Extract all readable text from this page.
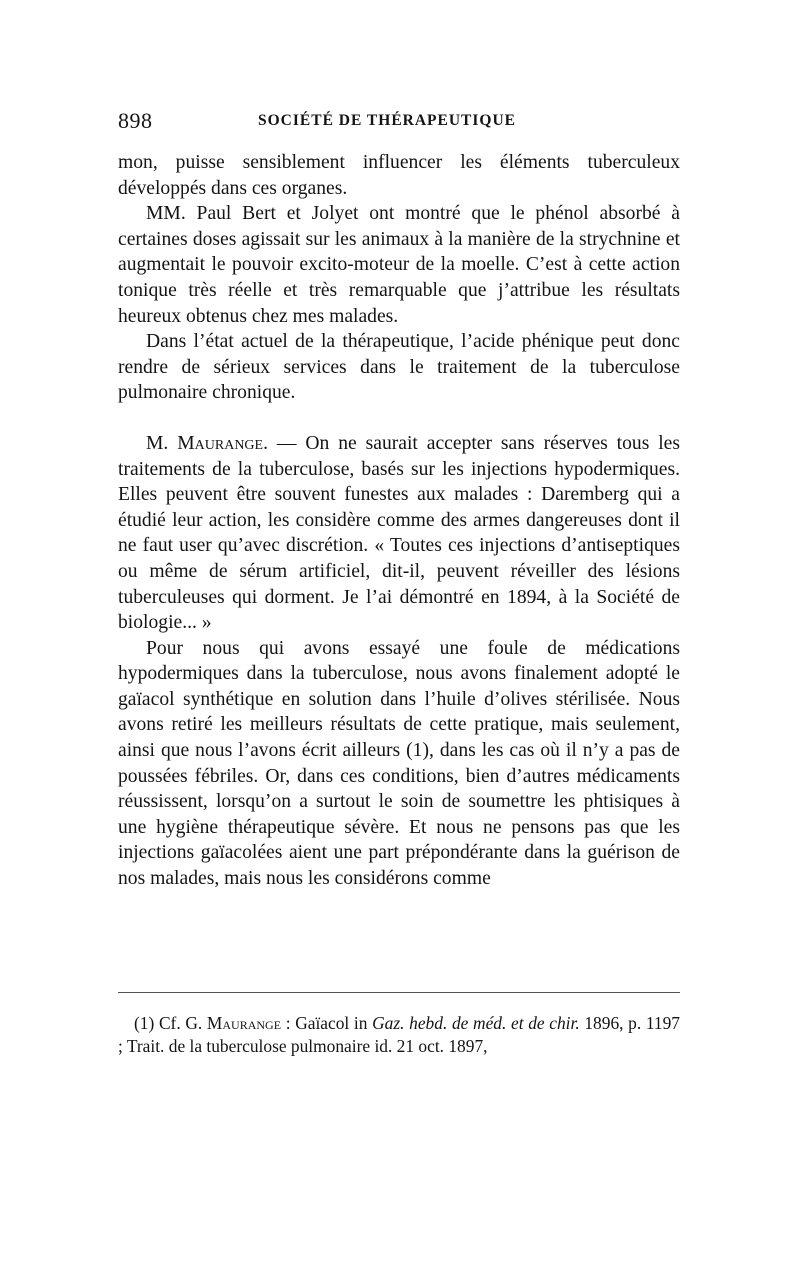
898	SOCIÉTÉ DE THÉRAPEUTIQUE

mon, puisse sensiblement influencer les éléments tuberculeux développés dans ces organes.

MM. Paul Bert et Jolyet ont montré que le phénol absorbé à certaines doses agissait sur les animaux à la manière de la strychnine et augmentait le pouvoir excito-moteur de la moelle. C’est à cette action tonique très réelle et très remarquable que j’attribue les résultats heureux obtenus chez mes malades.

Dans l’état actuel de la thérapeutique, l’acide phénique peut donc rendre de sérieux services dans le traitement de la tuberculose pulmonaire chronique.

M. Maurange. — On ne saurait accepter sans réserves tous les traitements de la tuberculose, basés sur les injections hypodermiques. Elles peuvent être souvent funestes aux malades : Daremberg qui a étudié leur action, les considère comme des armes dangereuses dont il ne faut user qu’avec discrétion. « Toutes ces injections d’antiseptiques ou même de sérum artificiel, dit-il, peuvent réveiller des lésions tuberculeuses qui dorment. Je l’ai démontré en 1894, à la Société de biologie... »

Pour nous qui avons essayé une foule de médications hypodermiques dans la tuberculose, nous avons finalement adopté le gaïacol synthétique en solution dans l’huile d’olives stérilisée. Nous avons retiré les meilleurs résultats de cette pratique, mais seulement, ainsi que nous l’avons écrit ailleurs (1), dans les cas où il n’y a pas de poussées fébriles. Or, dans ces conditions, bien d’autres médicaments réussissent, lorsqu’on a surtout le soin de soumettre les phtisiques à une hygiène thérapeutique sévère. Et nous ne pensons pas que les injections gaïacolées aient une part prépondérante dans la guérison de nos malades, mais nous les considérons comme

(1) Cf. G. Maurange : Gaïacol in Gaz. hebd. de méd. et de chir. 1896, p. 1197 ; Trait. de la tuberculose pulmonaire id. 21 oct. 1897,
